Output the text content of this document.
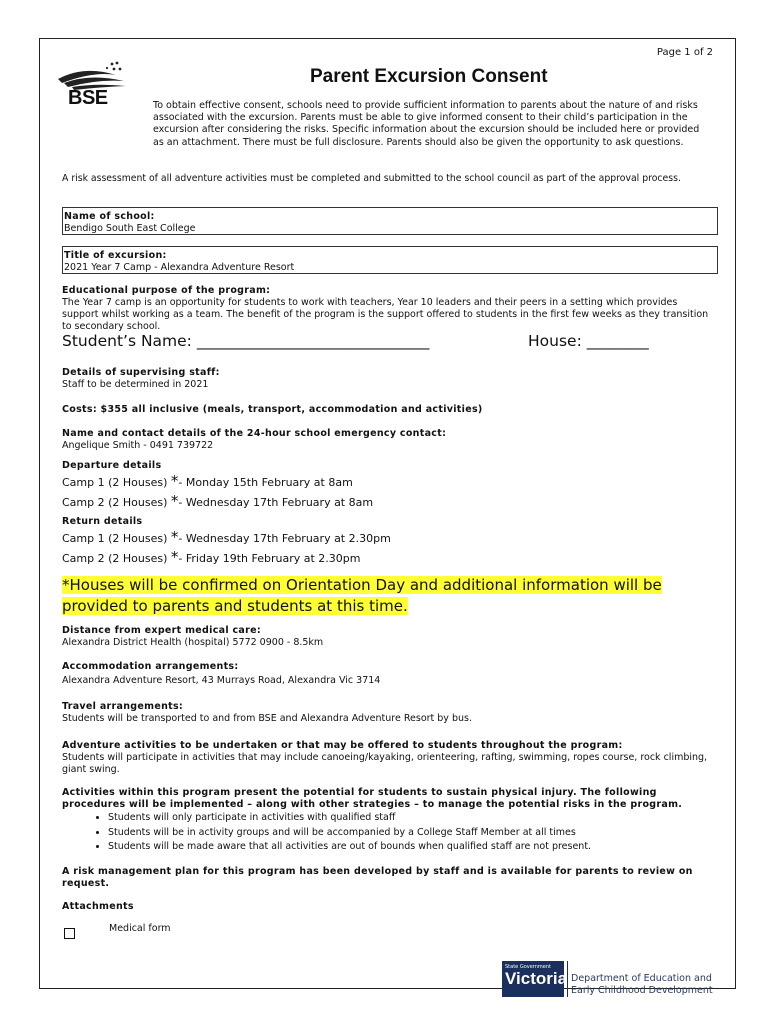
BSE
Page 1 of 2
Parent Excursion Consent
To obtain effective consent, schools need to provide sufficient information to parents about the nature of and risks associated with the excursion. Parents must be able to give informed consent to their child’s participation in the excursion after considering the risks. Specific information about the excursion should be included here or provided as an attachment. There must be full disclosure. Parents should also be given the opportunity to ask questions.
A risk assessment of all adventure activities must be completed and submitted to the school council as part of the approval process.
Name of school:
Bendigo South East College
Title of excursion:
2021 Year 7 Camp - Alexandra Adventure Resort
Educational purpose of the program:
The Year 7 camp is an opportunity for students to work with teachers, Year 10 leaders and their peers in a setting which provides support whilst working as a team. The benefit of the program is the support offered to students in the first few weeks as they transition to secondary school.
Student’s Name: ______________________________	House: ________
Details of supervising staff:
Staff to be determined in 2021
Costs: $355 all inclusive (meals, transport, accommodation and activities)
Name and contact details of the 24-hour school emergency contact:
Angelique Smith - 0491 739722
Departure details
Camp 1 (2 Houses) *- Monday 15th February at 8am
Camp 2 (2 Houses) *- Wednesday 17th February at 8am
Return details
Camp 1 (2 Houses) *- Wednesday 17th February at 2.30pm
Camp 2 (2 Houses) *- Friday 19th February at 2.30pm
*Houses will be confirmed on Orientation Day and additional information will be provided to parents and students at this time.
Distance from expert medical care:
Alexandra District Health (hospital) 5772 0900 - 8.5km
Accommodation arrangements:
Alexandra Adventure Resort, 43 Murrays Road, Alexandra Vic 3714
Travel arrangements:
Students will be transported to and from BSE and Alexandra Adventure Resort by bus.
Adventure activities to be undertaken or that may be offered to students throughout the program:
Students will participate in activities that may include canoeing/kayaking, orienteering, rafting, swimming, ropes course, rock climbing, giant swing.
Activities within this program present the potential for students to sustain physical injury. The following procedures will be implemented – along with other strategies – to manage the potential risks in the program.
• Students will only participate in activities with qualified staff
• Students will be in activity groups and will be accompanied by a College Staff Member at all times
• Students will be made aware that all activities are out of bounds when qualified staff are not present.
A risk management plan for this program has been developed by staff and is available for parents to review on request.
Attachments
Medical form
State Government
Victoria Department of Education and
Early Childhood Development
